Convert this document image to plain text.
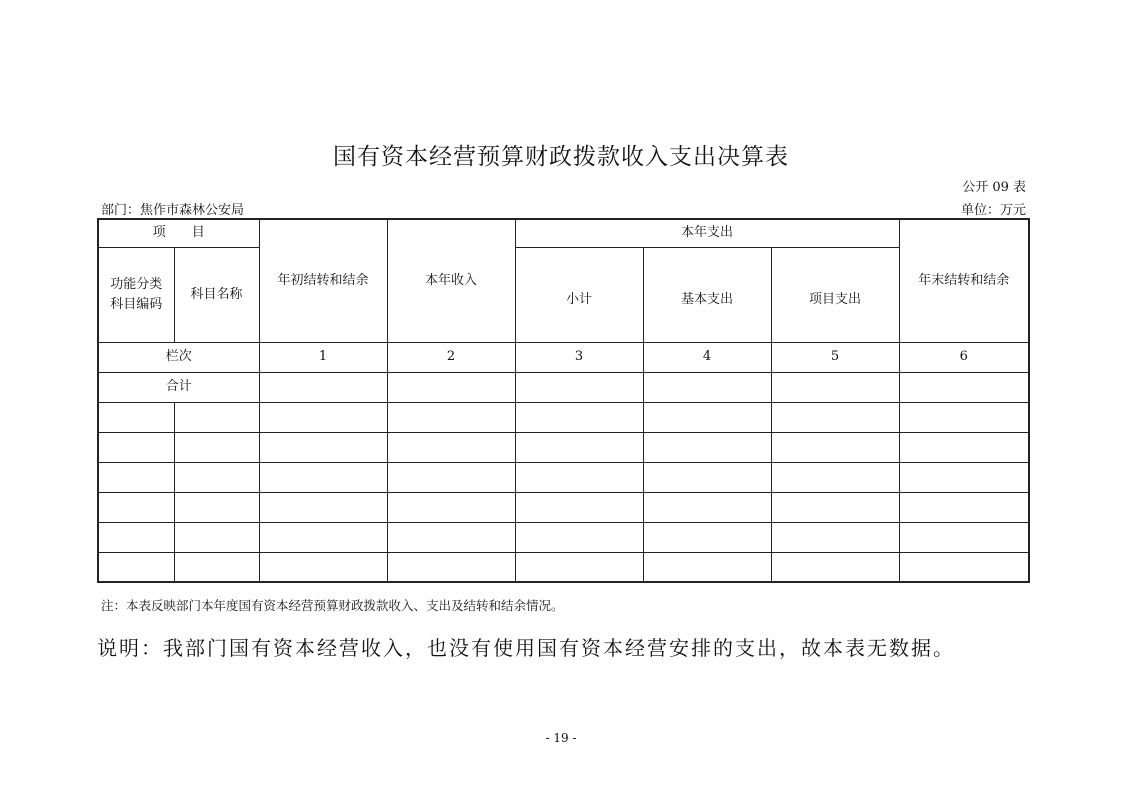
国有资本经营预算财政拨款收入支出决算表
公开 09 表
部门：焦作市森林公安局	单位：万元
项　　目		年初结转和结余	本年收入	本年支出			年末结转和结余
功能分类
科目编码	科目名称			小计	基本支出	项目支出	
栏次		1	2	3	4	5	6
合计							

注：本表反映部门本年度国有资本经营预算财政拨款收入、支出及结转和结余情况。
说明：我部门国有资本经营收入，也没有使用国有资本经营安排的支出，故本表无数据。
- 19 -
